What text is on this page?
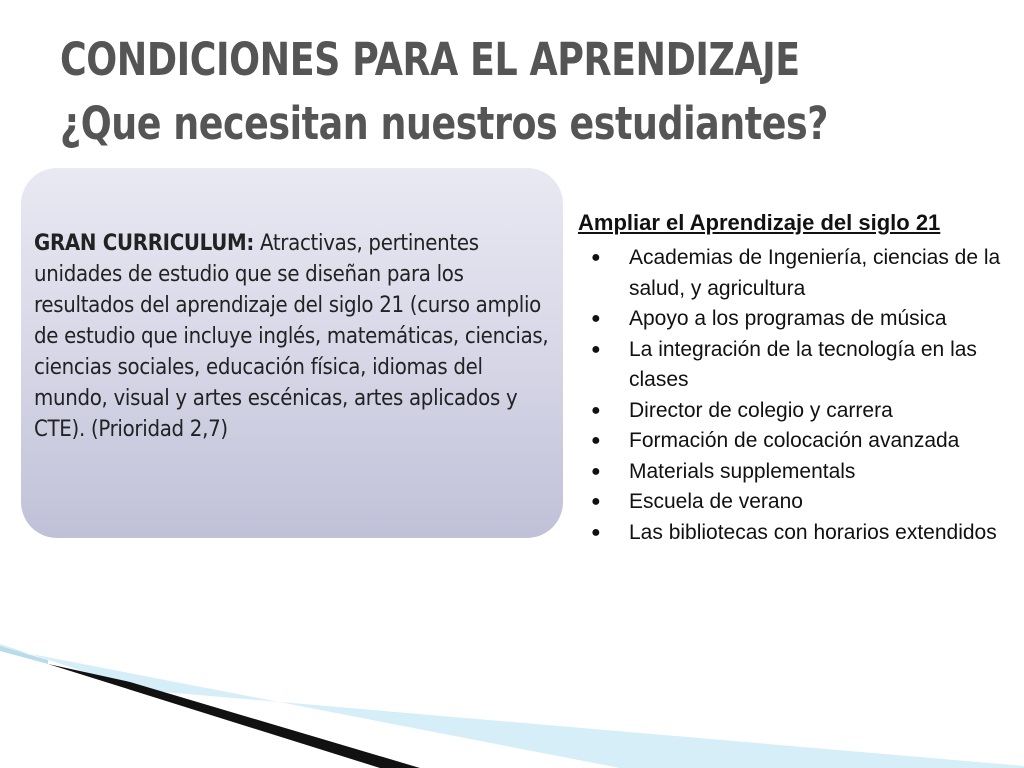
CONDICIONES PARA EL APRENDIZAJE
¿Que necesitan nuestros estudiantes?

GRAN CURRICULUM: Atractivas, pertinentes unidades de estudio que se diseñan para los resultados del aprendizaje del siglo 21 (curso amplio de estudio que incluye inglés, matemáticas, ciencias, ciencias sociales, educación física, idiomas del mundo, visual y artes escénicas, artes aplicados y CTE). (Prioridad 2,7)

Ampliar el Aprendizaje del siglo 21
● Academias de Ingeniería, ciencias de la salud, y agricultura
● Apoyo a los programas de música
● La integración de la tecnología en las clases
● Director de colegio y carrera
● Formación de colocación avanzada
● Materials supplementals
● Escuela de verano
● Las bibliotecas con horarios extendidos
